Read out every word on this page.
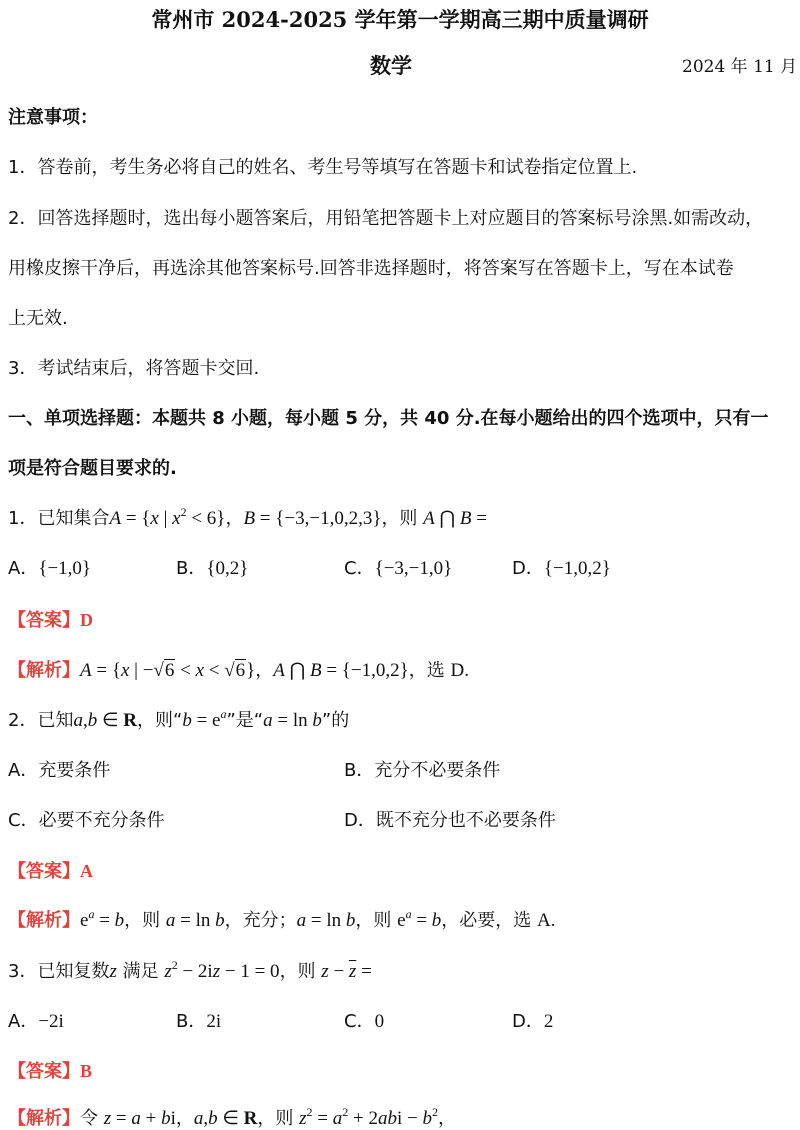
常州市 2024-2025 学年第一学期高三期中质量调研
数学	2024 年 11 月
注意事项：
1．答卷前，考生务必将自己的姓名、考生号等填写在答题卡和试卷指定位置上.
2．回答选择题时，选出每小题答案后，用铅笔把答题卡上对应题目的答案标号涂黑.如需改动，
用橡皮擦干净后，再选涂其他答案标号.回答非选择题时，将答案写在答题卡上，写在本试卷
上无效.
3．考试结束后，将答题卡交回.
一、单项选择题：本题共 8 小题，每小题 5 分，共 40 分.在每小题给出的四个选项中，只有一
项是符合题目要求的.
1．已知集合A = {x | $x^2 < 6$}，B = {−3,−1,0,2,3}，则 A ⋂ B =
A．{−1,0}	B．{0,2}	C．{−3,−1,0}	D．{−1,0,2}
【答案】D
【解析】A = {x | −√6 < x < √6}，A ⋂ B = {−1,0,2}，选 D.
2．已知a,b ∈ R，则“$b = e^a$”是“a = ln b”的
A．充要条件	B．充分不必要条件
C．必要不充分条件	D．既不充分也不必要条件
【答案】A
【解析】$e^a = b$，则 a = ln b，充分；a = ln b，则 $e^a = b$，必要，选 A.
3．已知复数z 满足 $z^2 - 2iz - 1 = 0$，则 $z - \overline{z}$ =
A．−2i	B．2i	C．0	D．2
【答案】B
【解析】令 z = a + bi，a,b ∈ R，则 $z^2 = a^2 + 2abi - b^2$，
